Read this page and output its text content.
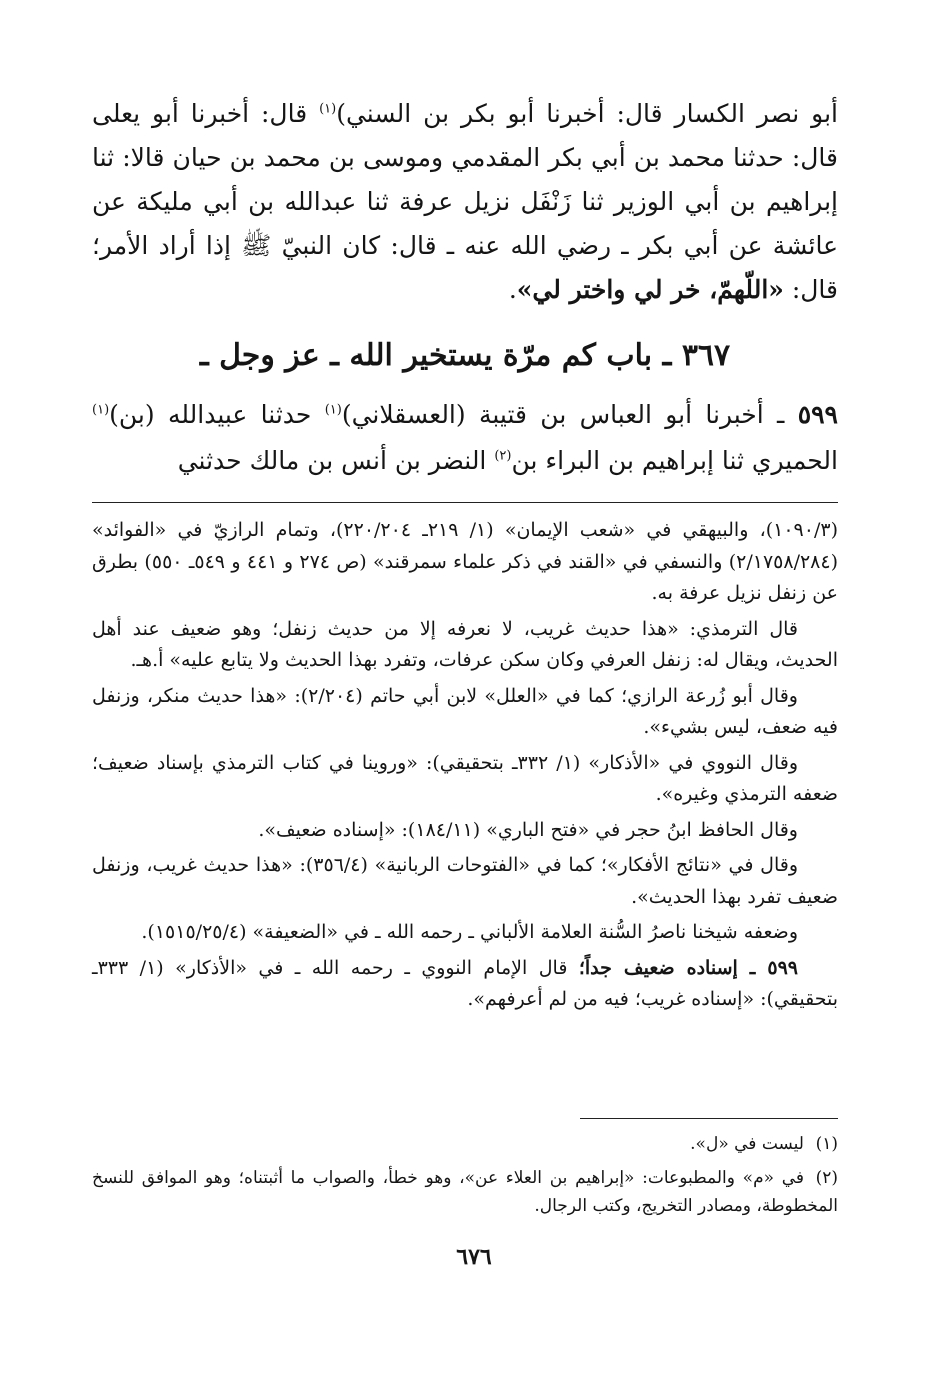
أبو نصر الكسار قال: أخبرنا أبو بكر بن السني)$^{(١)}$ قال: أخبرنا أبو يعلى قال: حدثنا محمد بن أبي بكر المقدمي وموسى بن محمد بن حيان قالا: ثنا إبراهيم بن أبي الوزير ثنا زَنْفَل نزيل عرفة ثنا عبدالله بن أبي مليكة عن عائشة عن أبي بكر ـ رضي الله عنه ـ قال: كان النبيّ ﷺ إذا أراد الأمر؛ قال: «اللّهمّ، خر لي واختر لي».

٣٦٧ ـ باب كم مرّة يستخير الله ـ عز وجل ـ
٥٩٩ ـ أخبرنا أبو العباس بن قتيبة (العسقلاني)$^{(١)}$ حدثنا عبيدالله (بن)$^{(١)}$ الحميري ثنا إبراهيم بن البراء بن$^{(٢)}$ النضر بن أنس بن مالك حدثني

(١٠٩٠/٣)، والبيهقي في «شعب الإيمان» (١/ ٢١٩ـ ٢٢٠/٢٠٤)، وتمام الرازيّ في «الفوائد» (٢/١٧٥٨/٢٨٤) والنسفي في «القند في ذكر علماء سمرقند» (ص ٢٧٤ و ٤٤١ و ٥٤٩ـ ٥٥٠) بطرق عن زنفل نزيل عرفة به.

قال الترمذي: «هذا حديث غريب، لا نعرفه إلا من حديث زنفل؛ وهو ضعيف عند أهل الحديث، ويقال له: زنفل العرفي وكان سكن عرفات، وتفرد بهذا الحديث ولا يتابع عليه» أ.هـ.

وقال أبو زُرعة الرازي؛ كما في «العلل» لابن أبي حاتم (٢/٢٠٤): «هذا حديث منكر، وزنفل فيه ضعف، ليس بشيء».

وقال النووي في «الأذكار» (١/ ٣٣٢ـ بتحقيقي): «وروينا في كتاب الترمذي بإسناد ضعيف؛ ضعفه الترمذي وغيره».

وقال الحافظ ابنُ حجر في «فتح الباري» (١٨٤/١١): «إسناده ضعيف».

وقال في «نتائج الأفكار»؛ كما في «الفتوحات الربانية» (٣٥٦/٤): «هذا حديث غريب، وزنفل ضعيف تفرد بهذا الحديث».

وضعفه شيخنا ناصرُ السُّنة العلامة الألباني ـ رحمه الله ـ في «الضعيفة» (١٥١٥/٢٥/٤).

٥٩٩ ـ إسناده ضعيف جداً؛ قال الإمام النووي ـ رحمه الله ـ في «الأذكار» (١/ ٣٣٣ـ بتحقيقي): «إسناده غريب؛ فيه من لم أعرفهم».

(١)ليست في «ل».

(٢)في «م» والمطبوعات: «إبراهيم بن العلاء عن»، وهو خطأ، والصواب ما أثبتناه؛ وهو الموافق للنسخ المخطوطة، ومصادر التخريج، وكتب الرجال.

٦٧٦
